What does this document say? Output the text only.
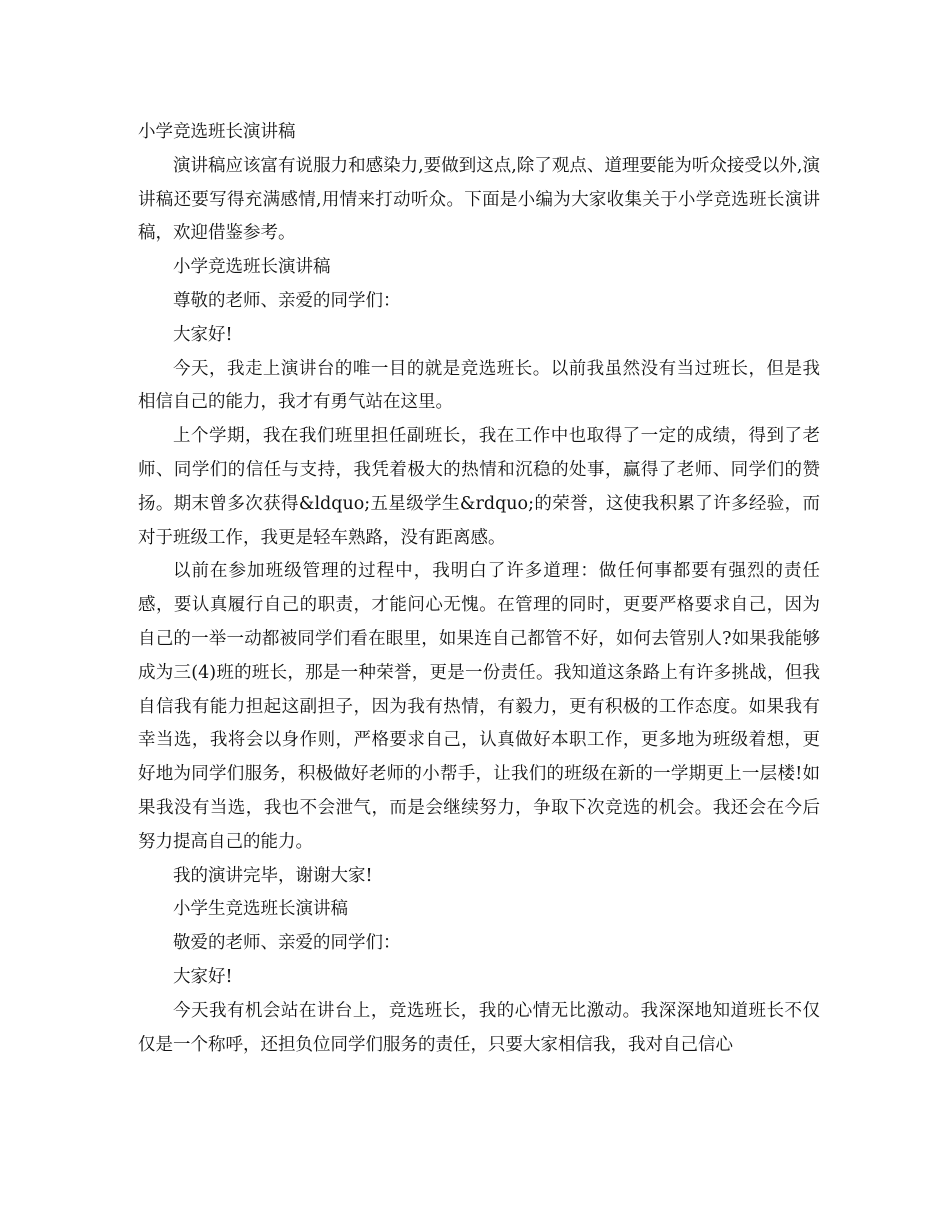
小学竞选班长演讲稿

演讲稿应该富有说服力和感染力,要做到这点,除了观点、道理要能为听众接受以外,演讲稿还要写得充满感情,用情来打动听众。下面是小编为大家收集关于小学竞选班长演讲稿，欢迎借鉴参考。

小学竞选班长演讲稿

尊敬的老师、亲爱的同学们：

大家好!

今天，我走上演讲台的唯一目的就是竞选班长。以前我虽然没有当过班长，但是我相信自己的能力，我才有勇气站在这里。

上个学期，我在我们班里担任副班长，我在工作中也取得了一定的成绩，得到了老师、同学们的信任与支持，我凭着极大的热情和沉稳的处事，赢得了老师、同学们的赞扬。期末曾多次获得&ldquo;五星级学生&rdquo;的荣誉，这使我积累了许多经验，而对于班级工作，我更是轻车熟路，没有距离感。

以前在参加班级管理的过程中，我明白了许多道理：做任何事都要有强烈的责任感，要认真履行自己的职责，才能问心无愧。在管理的同时，更要严格要求自己，因为自己的一举一动都被同学们看在眼里，如果连自己都管不好，如何去管别人?如果我能够成为三(4)班的班长，那是一种荣誉，更是一份责任。我知道这条路上有许多挑战，但我自信我有能力担起这副担子，因为我有热情，有毅力，更有积极的工作态度。如果我有幸当选，我将会以身作则，严格要求自己，认真做好本职工作，更多地为班级着想，更好地为同学们服务，积极做好老师的小帮手，让我们的班级在新的一学期更上一层楼!如果我没有当选，我也不会泄气，而是会继续努力，争取下次竞选的机会。我还会在今后努力提高自己的能力。

我的演讲完毕，谢谢大家!

小学生竞选班长演讲稿

敬爱的老师、亲爱的同学们：

大家好!

今天我有机会站在讲台上，竞选班长，我的心情无比激动。我深深地知道班长不仅仅是一个称呼，还担负位同学们服务的责任，只要大家相信我，我对自己信心
